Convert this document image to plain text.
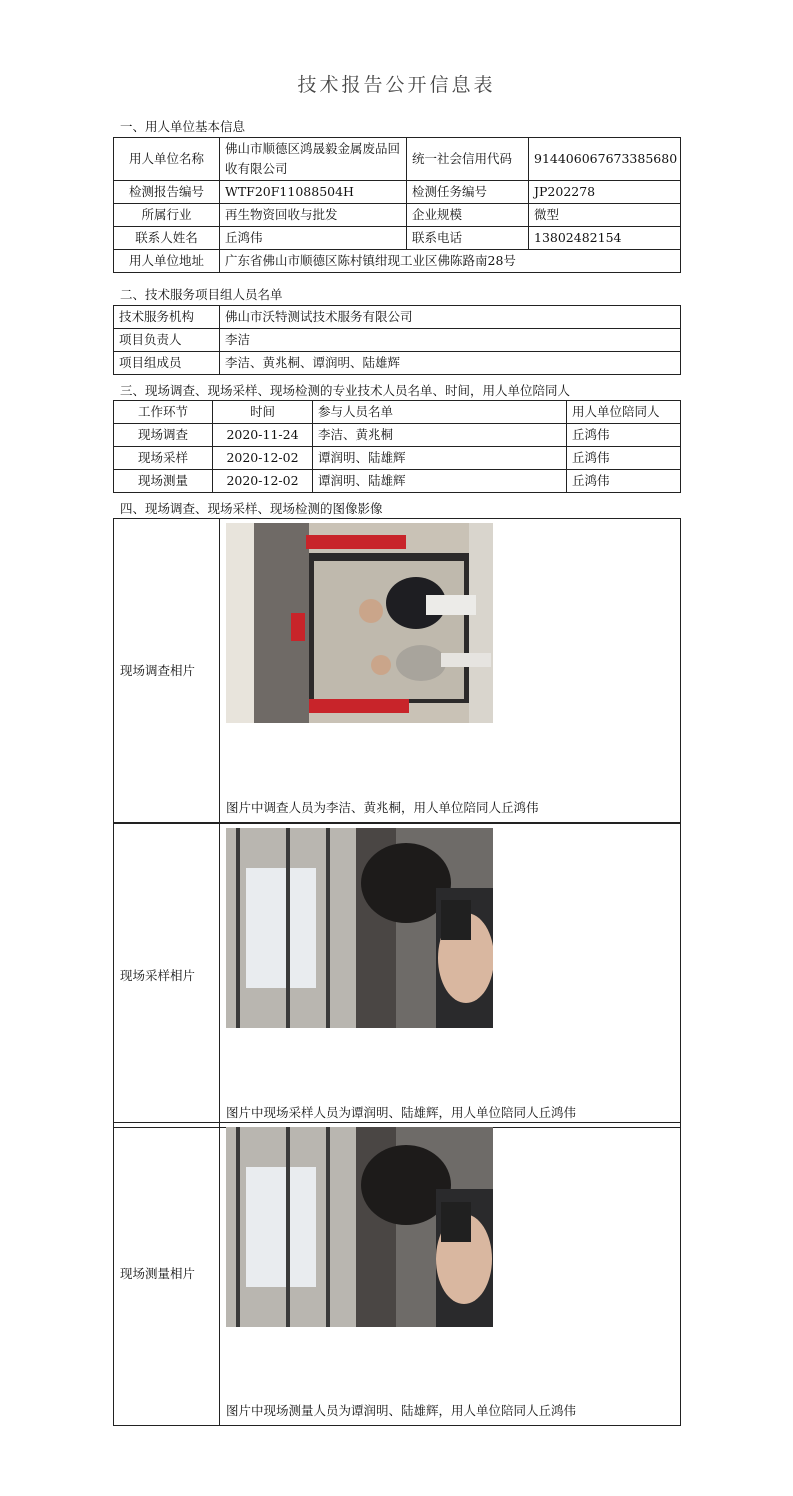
技术报告公开信息表
一、用人单位基本信息
用人单位名称	佛山市顺德区鸿晟毅金属废品回收有限公司	统一社会信用代码	914406067673385680
检测报告编号	WTF20F11088504H	检测任务编号	JP202278
所属行业	再生物资回收与批发	企业规模	微型
联系人姓名	丘鸿伟	联系电话	13802482154
用人单位地址	广东省佛山市顺德区陈村镇绀现工业区佛陈路南28号		
二、技术服务项目组人员名单
技术服务机构	佛山市沃特测试技术服务有限公司
项目负责人	李洁
项目组成员	李洁、黄兆桐、谭润明、陆雄辉
三、现场调查、现场采样、现场检测的专业技术人员名单、时间，用人单位陪同人
工作环节	时间	参与人员名单	用人单位陪同人
现场调查	2020-11-24	李洁、黄兆桐	丘鸿伟
现场采样	2020-12-02	谭润明、陆雄辉	丘鸿伟
现场测量	2020-12-02	谭润明、陆雄辉	丘鸿伟
四、现场调查、现场采样、现场检测的图像影像
现场调查相片	
图片中调查人员为李洁、黄兆桐，用人单位陪同人丘鸿伟
现场采样相片	
图片中现场采样人员为谭润明、陆雄辉，用人单位陪同人丘鸿伟
现场测量相片	
图片中现场测量人员为谭润明、陆雄辉，用人单位陪同人丘鸿伟
